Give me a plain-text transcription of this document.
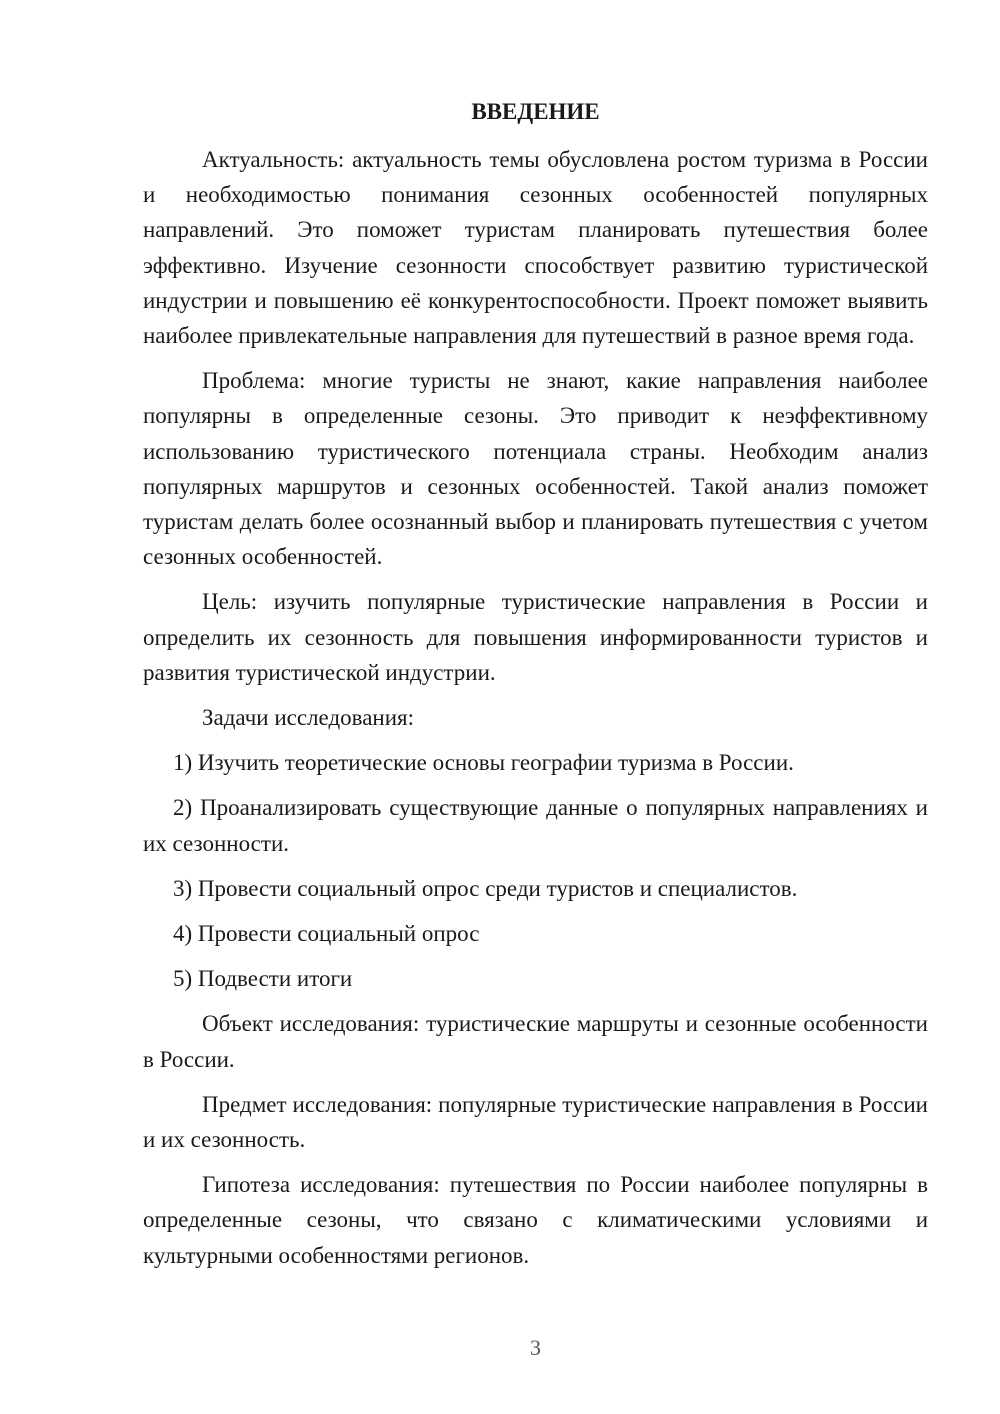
ВВЕДЕНИЕ

Актуальность: актуальность темы обусловлена ростом туризма в России и необходимостью понимания сезонных особенностей популярных направлений. Это поможет туристам планировать путешествия более эффективно. Изучение сезонности способствует развитию туристической индустрии и повышению её конкурентоспособности. Проект поможет выявить наиболее привлекательные направления для путешествий в разное время года.

Проблема: многие туристы не знают, какие направления наиболее популярны в определенные сезоны. Это приводит к неэффективному использованию туристического потенциала страны. Необходим анализ популярных маршрутов и сезонных особенностей. Такой анализ поможет туристам делать более осознанный выбор и планировать путешествия с учетом сезонных особенностей.

Цель: изучить популярные туристические направления в России и определить их сезонность для повышения информированности туристов и развития туристической индустрии.

Задачи исследования:

1) Изучить теоретические основы географии туризма в России.

2) Проанализировать существующие данные о популярных направлениях и их сезонности.

3) Провести социальный опрос среди туристов и специалистов.

4) Провести социальный опрос

5) Подвести итоги

Объект исследования: туристические маршруты и сезонные особенности в России.

Предмет исследования: популярные туристические направления в России и их сезонность.

Гипотеза исследования: путешествия по России наиболее популярны в определенные сезоны, что связано с климатическими условиями и культурными особенностями регионов.

3
